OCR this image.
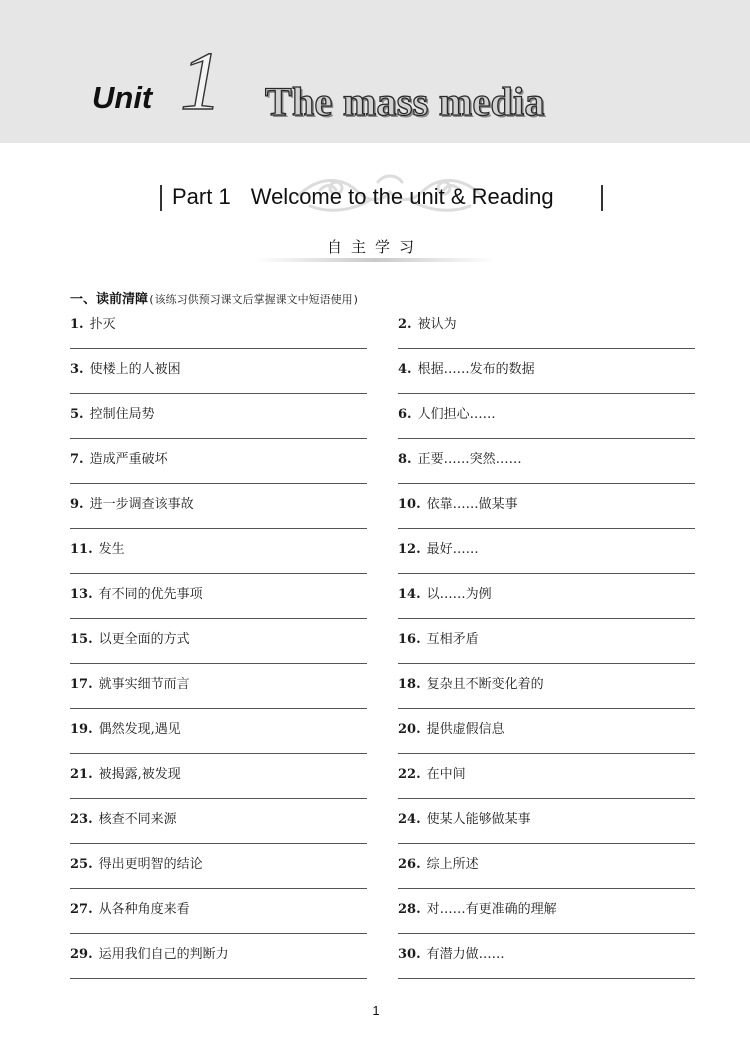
Unit 1 The mass media
Part 1 Welcome to the unit & Reading
自主学习
一、读前清障(该练习供预习课文后掌握课文中短语使用)
1. 扑灭	2. 被认为
3. 使楼上的人被困	4. 根据……发布的数据
5. 控制住局势	6. 人们担心……
7. 造成严重破坏	8. 正要……突然……
9. 进一步调查该事故	10. 依靠……做某事
11. 发生	12. 最好……
13. 有不同的优先事项	14. 以……为例
15. 以更全面的方式	16. 互相矛盾
17. 就事实细节而言	18. 复杂且不断变化着的
19. 偶然发现,遇见	20. 提供虚假信息
21. 被揭露,被发现	22. 在中间
23. 核查不同来源	24. 使某人能够做某事
25. 得出更明智的结论	26. 综上所述
27. 从各种角度来看	28. 对……有更准确的理解
29. 运用我们自己的判断力	30. 有潜力做……
1
